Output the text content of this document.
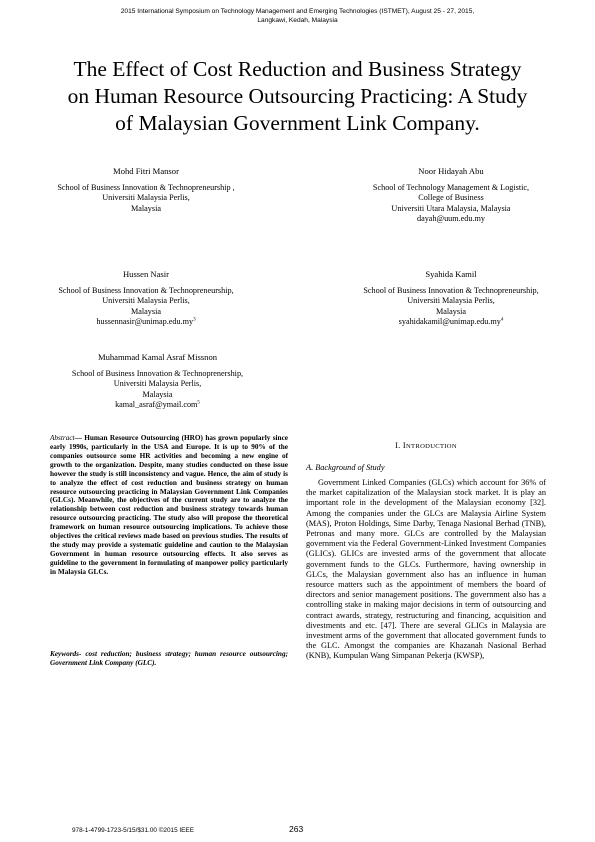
2015 International Symposium on Technology Management and Emerging Technologies (ISTMET), August 25 - 27, 2015,
Langkawi, Kedah, Malaysia
The Effect of Cost Reduction and Business Strategy
on Human Resource Outsourcing Practicing: A Study
of Malaysian Government Link Company.
Mohd Fitri Mansor
School of Business Innovation & Technopreneurship ,
Universiti Malaysia Perlis,
Malaysia
Noor Hidayah Abu
School of Technology Management & Logistic,
College of Business
Universiti Utara Malaysia, Malaysia
dayah@uum.edu.my
Hussen Nasir
School of Business Innovation & Technopreneurship,
Universiti Malaysia Perlis,
Malaysia
$hussennasir@unimap.edu.my^3$
Syahida Kamil
School of Business Innovation & Technopreneurship,
Universiti Malaysia Perlis,
Malaysia
$syahidakamil@unimap.edu.my^4$
Muhammad Kamal Asraf Missnon
School of Business Innovation & Technoprenership,
Universiti Malaysia Perlis,
Malaysia
kamal_asraf@ymail.com$^5$
Abstract— Human Resource Outsourcing (HRO) has grown popularly since early 1990s, particularly in the USA and Europe. It is up to 90% of the companies outsource some HR activities and becoming a new engine of growth to the organization. Despite, many studies conducted on these issue however the study is still inconsistency and vague. Hence, the aim of study is to analyze the effect of cost reduction and business strategy on human resource outsourcing practicing in Malaysian Government Link Companies (GLCs). Meanwhile, the objectives of the current study are to analyze the relationship between cost reduction and business strategy towards human resource outsourcing practicing. The study also will propose the theoretical framework on human resource outsourcing implications. To achieve those objectives the critical reviews made based on previous studies. The results of the study may provide a systematic guideline and caution to the Malaysian Government in human resource outsourcing effects. It also serves as guideline to the government in formulating of manpower policy particularly in Malaysia GLCs.
Keywords- cost reduction; business strategy; human resource outsourcing; Government Link Company (GLC).
I. INTRODUCTION
A. Background of Study

Government Linked Companies (GLCs) which account for 36% of the market capitalization of the Malaysian stock market. It is play an important role in the development of the Malaysian economy [32]. Among the companies under the GLCs are Malaysia Airline System (MAS), Proton Holdings, Sime Darby, Tenaga Nasional Berhad (TNB), Petronas and many more. GLCs are controlled by the Malaysian government via the Federal Government-Linked Investment Companies (GLICs). GLICs are invested arms of the government that allocate government funds to the GLCs. Furthermore, having ownership in GLCs, the Malaysian government also has an influence in human resource matters such as the appointment of members the board of directors and senior management positions. The government also has a controlling stake in making major decisions in term of outsourcing and contract awards, strategy, restructuring and financing, acquisition and divestments and etc. [47]. There are several GLICs in Malaysia are investment arms of the government that allocated government funds to the GLC. Amongst the companies are Khazanah Nasional Berhad (KNB), Kumpulan Wang Simpanan Pekerja (KWSP),

978-1-4799-1723-5/15/$31.00 ©2015 IEEE	263
